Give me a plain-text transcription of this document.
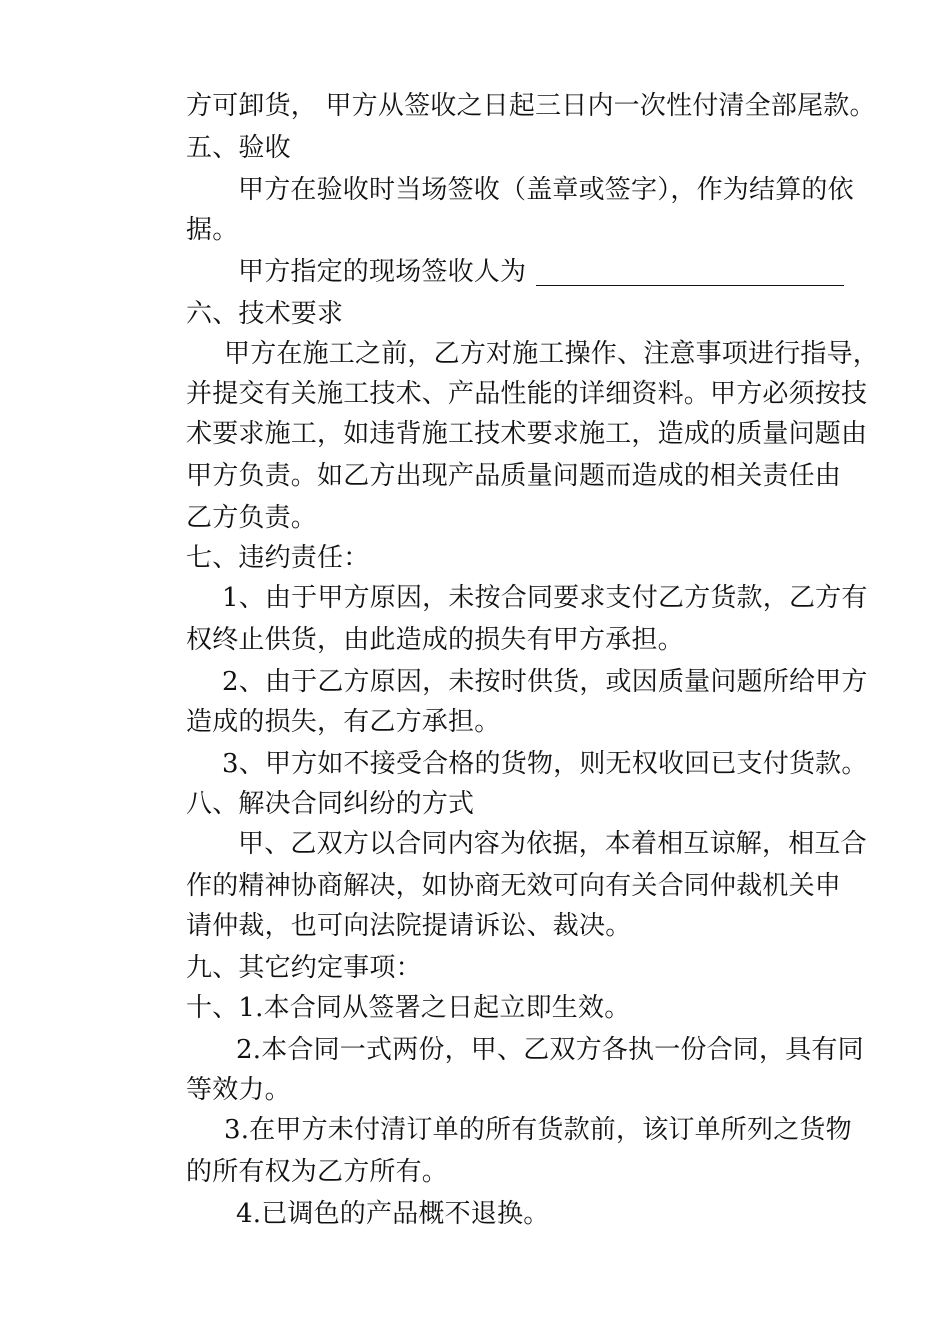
方可卸货， 甲方从签收之日起三日内一次性付清全部尾款。
五、验收
甲方在验收时当场签收（盖章或签字），作为结算的依
据。
甲方指定的现场签收人为
六、技术要求
甲方在施工之前，乙方对施工操作、注意事项进行指导，
并提交有关施工技术、产品性能的详细资料。甲方必须按技
术要求施工，如违背施工技术要求施工，造成的质量问题由
甲方负责。如乙方出现产品质量问题而造成的相关责任由
乙方负责。
七、违约责任：
1、由于甲方原因，未按合同要求支付乙方货款，乙方有
权终止供货，由此造成的损失有甲方承担。
2、由于乙方原因，未按时供货，或因质量问题所给甲方
造成的损失，有乙方承担。
3、甲方如不接受合格的货物，则无权收回已支付货款。
八、解决合同纠纷的方式
甲、乙双方以合同内容为依据，本着相互谅解，相互合
作的精神协商解决，如协商无效可向有关合同仲裁机关申
请仲裁，也可向法院提请诉讼、裁决。
九、其它约定事项：
十、1.本合同从签署之日起立即生效。
2.本合同一式两份，甲、乙双方各执一份合同，具有同
等效力。
3.在甲方未付清订单的所有货款前，该订单所列之货物
的所有权为乙方所有。
4.已调色的产品概不退换。
